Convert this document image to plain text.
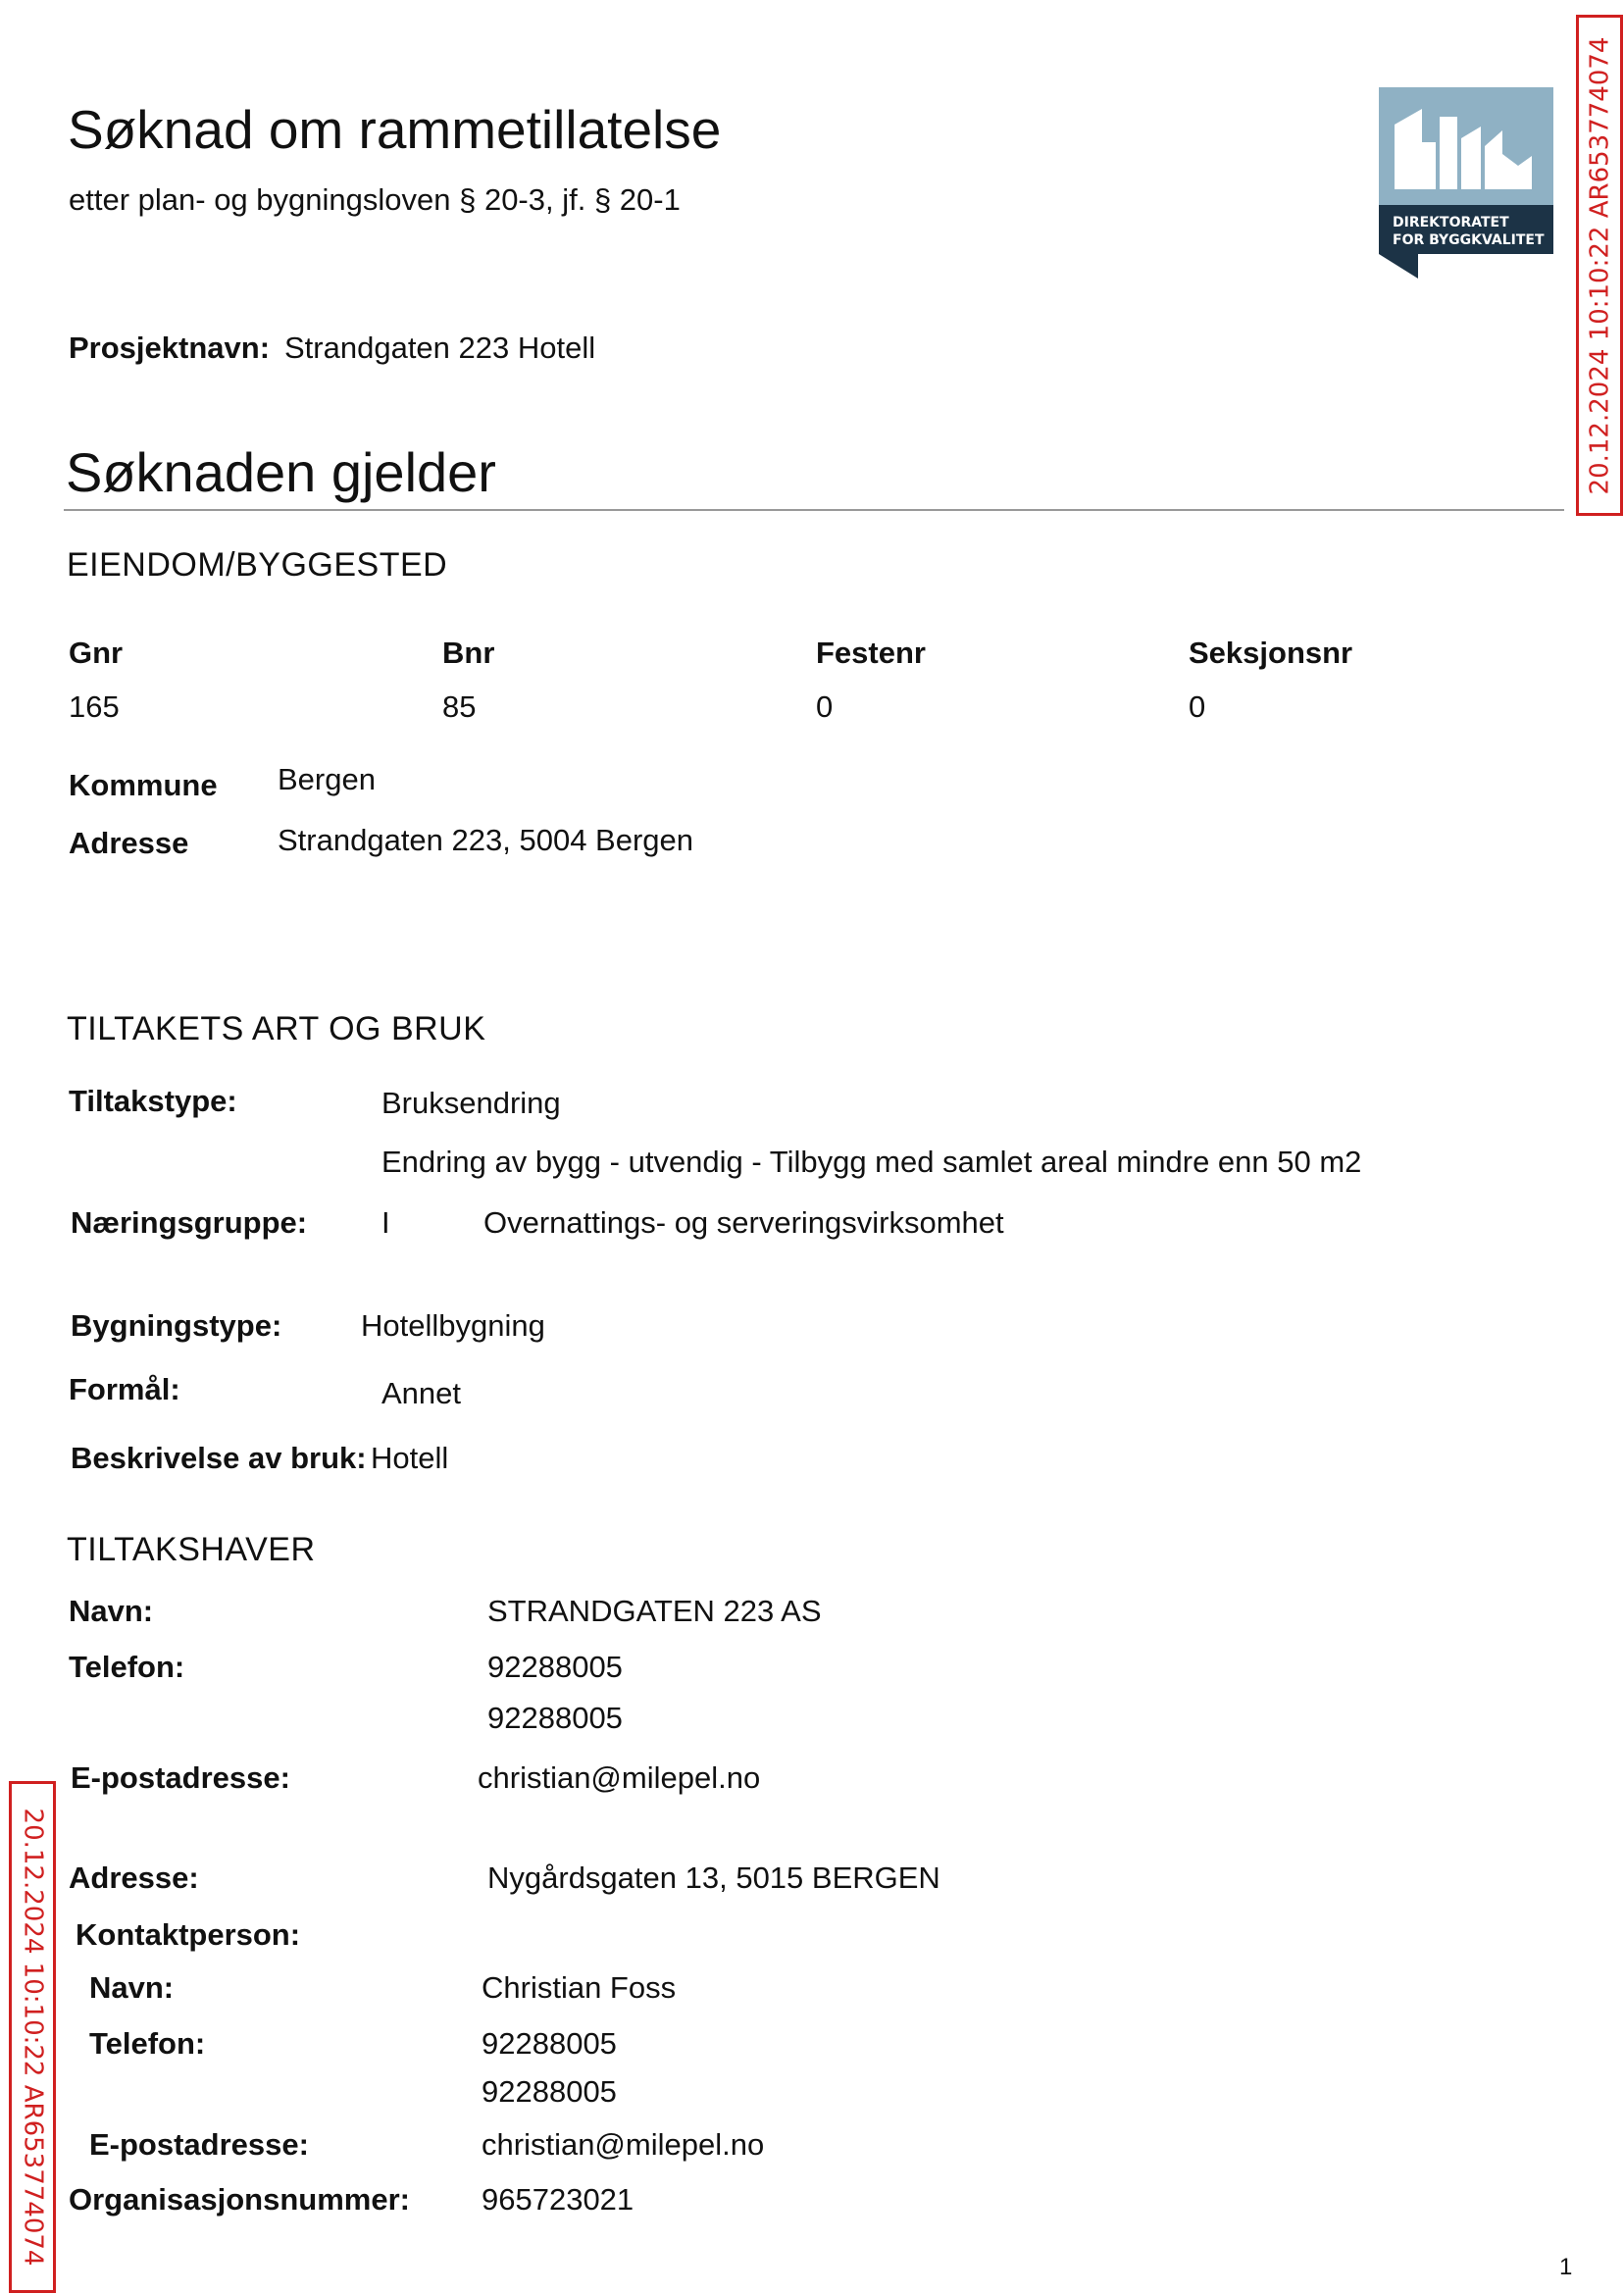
Søknad om rammetillatelse
etter plan- og bygningsloven § 20-3, jf. § 20-1
DIREKTORATET
FOR BYGGKVALITET
Prosjektnavn: Strandgaten 223 Hotell
Søknaden gjelder
EIENDOM/BYGGESTED
Gnr	Bnr	Festenr	Seksjonsnr
165	85	0	0
Kommune Bergen
Adresse	Strandgaten 223, 5004 Bergen
TILTAKETS ART OG BRUK
Tiltakstype:	Bruksendring
Endring av bygg - utvendig - Tilbygg med samlet areal mindre enn 50 m2
Næringsgruppe: I	Overnattings- og serveringsvirksomhet
Bygningstype:	Hotellbygning
Formål:	Annet
Beskrivelse av bruk: Hotell
TILTAKSHAVER
Navn:	STRANDGATEN 223 AS
Telefon:	92288005
92288005
E-postadresse:	christian@milepel.no
Adresse:	Nygårdsgaten 13, 5015 BERGEN
Kontaktperson:
Navn:	Christian Foss
Telefon:	92288005
92288005
E-postadresse:	christian@milepel.no
Organisasjonsnummer: 965723021
20.12.2024 10:10:22 AR653774074
20.12.2024 10:10:22 AR653774074
1
